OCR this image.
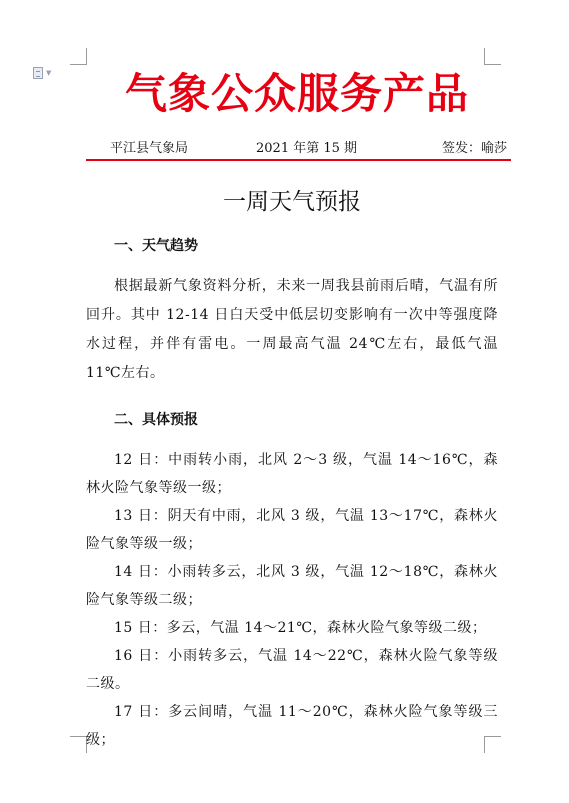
▼	气象公众服务产品
平江县气象局	2021 年第 15 期	签发：喻莎
一周天气预报

一、天气趋势

根据最新气象资料分析，未来一周我县前雨后晴，气温有所回升。其中 12-14 日白天受中低层切变影响有一次中等强度降水过程，并伴有雷电。一周最高气温 24℃左右，最低气温 11℃左右。

二、具体预报

12 日：中雨转小雨，北风 2～3 级，气温 14～16℃，森林火险气象等级一级；

13 日：阴天有中雨，北风 3 级，气温 13～17℃，森林火险气象等级一级；

14 日：小雨转多云，北风 3 级，气温 12～18℃，森林火险气象等级二级；

15 日：多云，气温 14～21℃，森林火险气象等级二级；

16 日：小雨转多云，气温 14～22℃，森林火险气象等级二级。

17 日：多云间晴，气温 11～20℃，森林火险气象等级三级；
